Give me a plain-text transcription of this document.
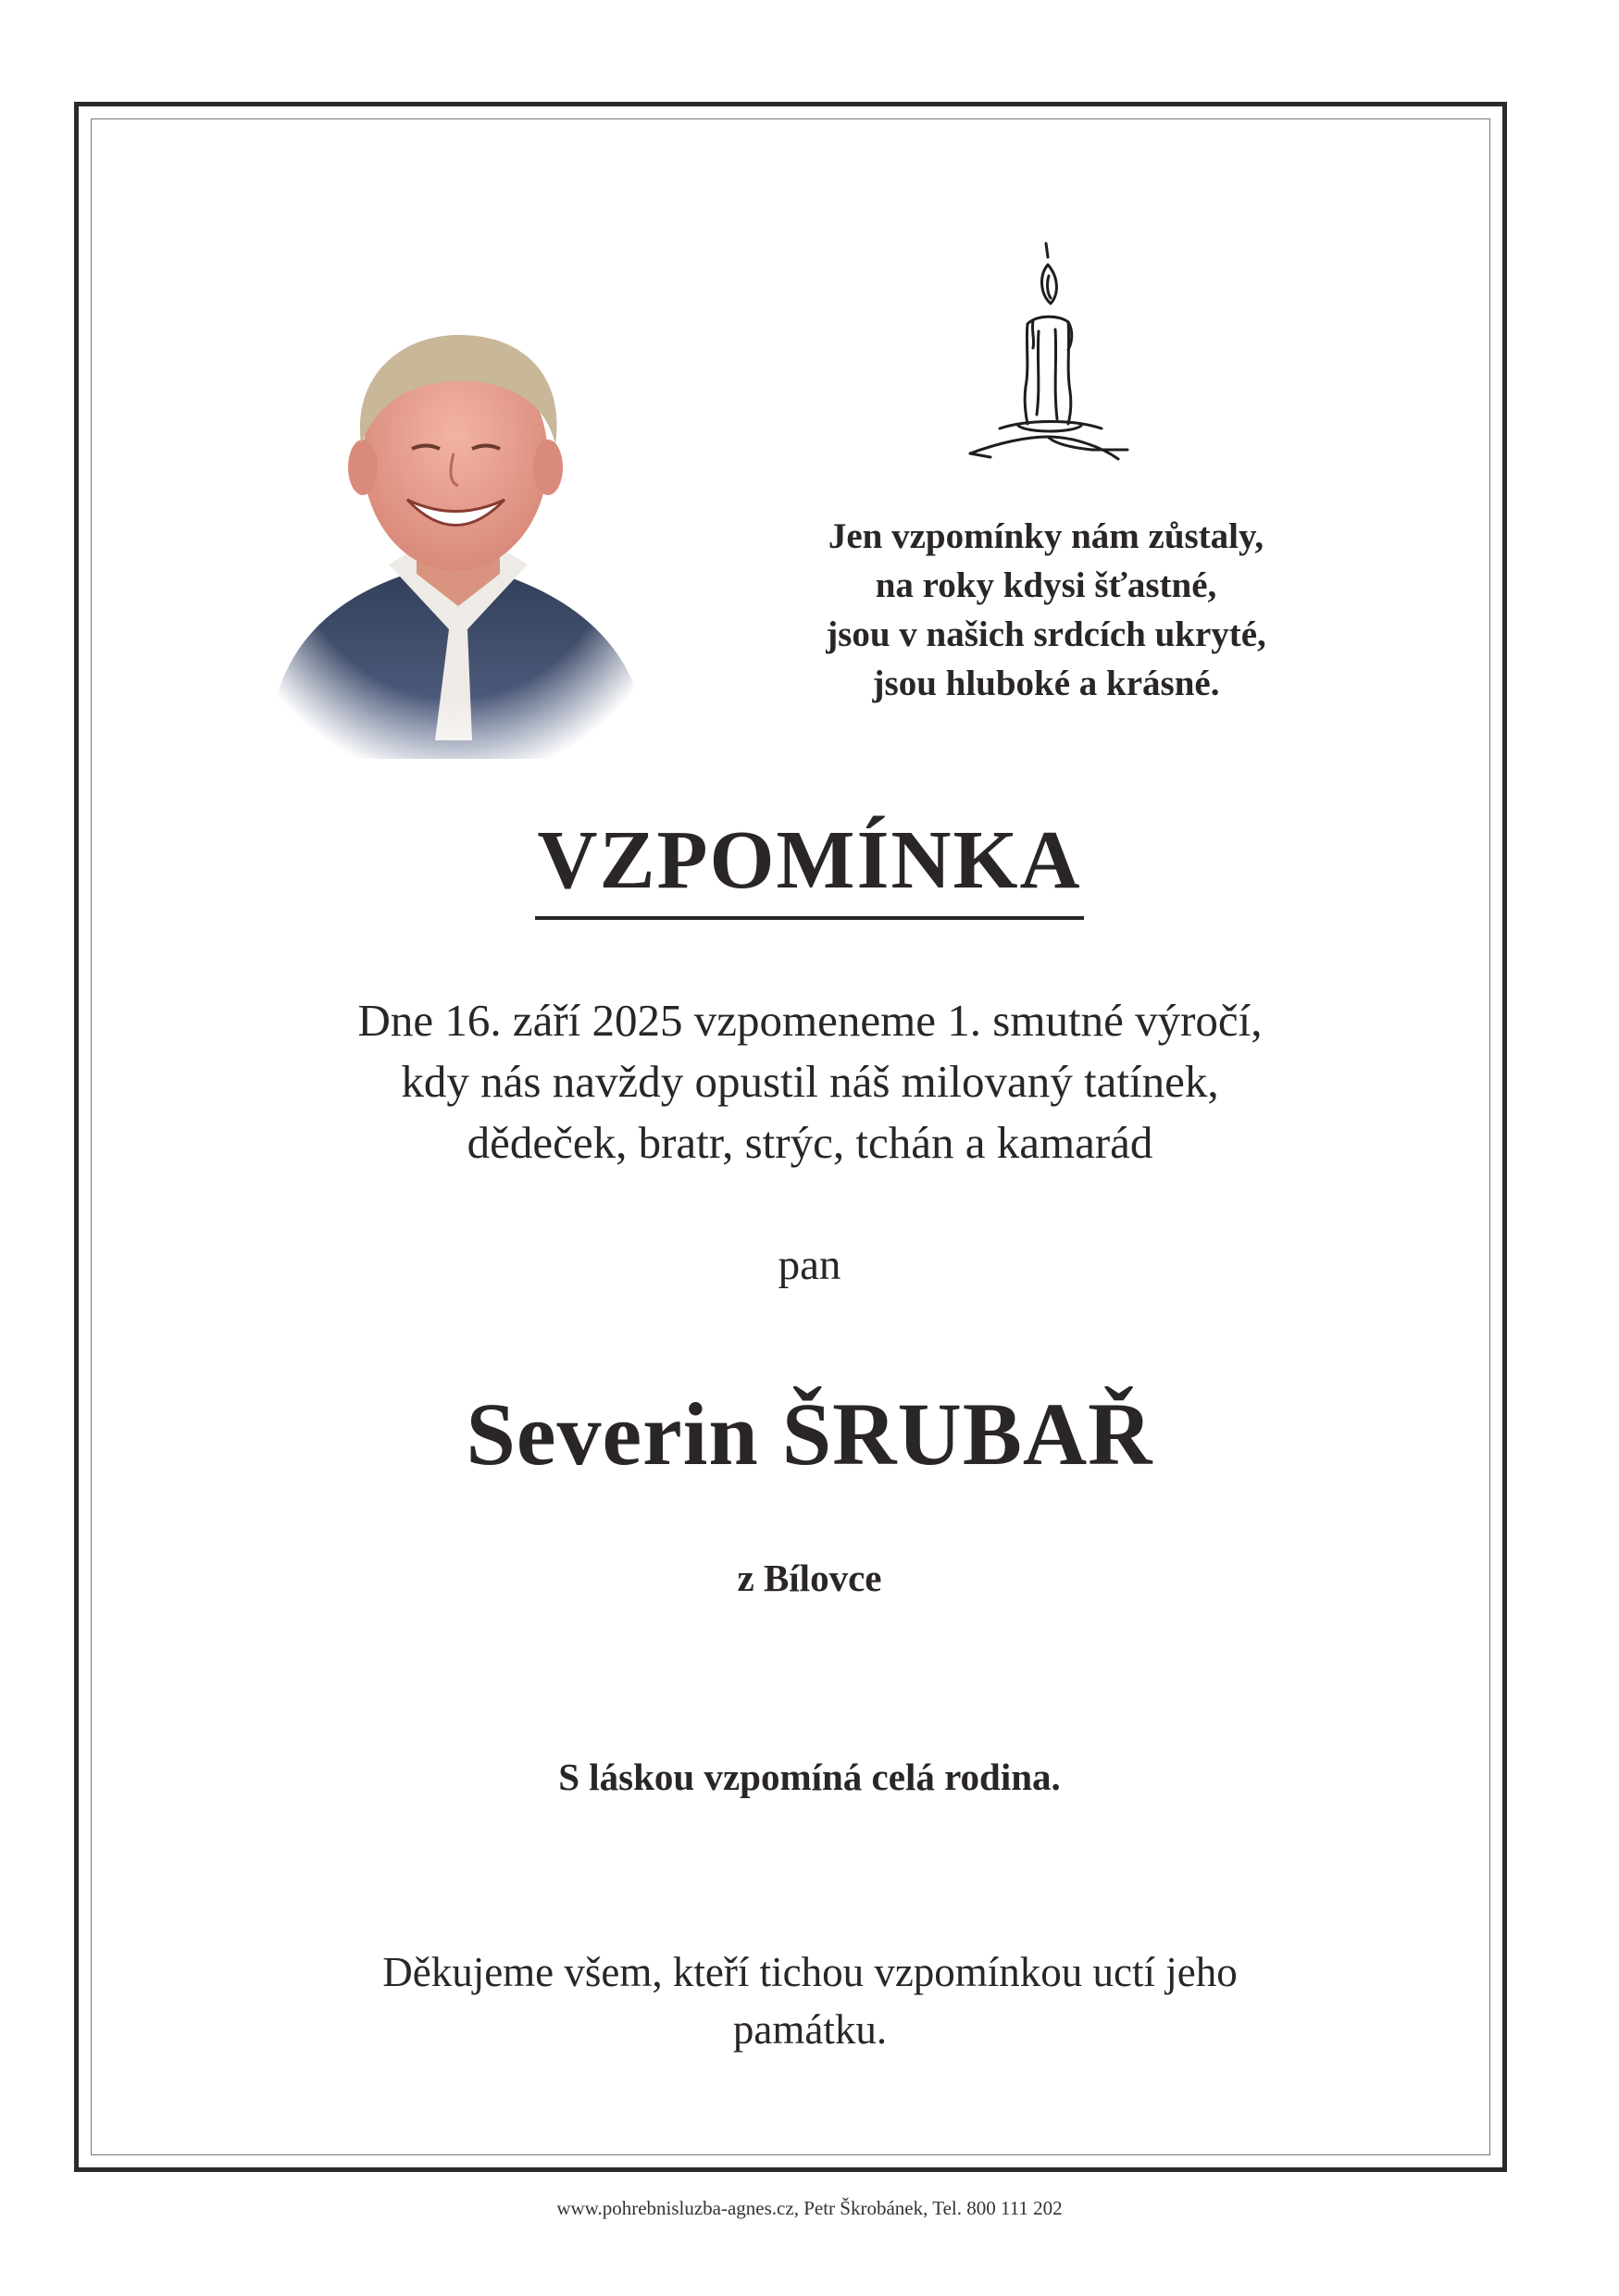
Jen vzpomínky nám zůstaly,
na roky kdysi šťastné,
jsou v našich srdcích ukryté,
jsou hluboké a krásné.
VZPOMÍNKA
Dne 16. září 2025 vzpomeneme 1. smutné výročí,
kdy nás navždy opustil náš milovaný tatínek,
dědeček, bratr, strýc, tchán a kamarád
pan
Severin ŠRUBAŘ
z Bílovce
S láskou vzpomíná celá rodina.
Děkujeme všem, kteří tichou vzpomínkou uctí jeho
památku.
www.pohrebnisluzba-agnes.cz, Petr Škrobánek, Tel. 800 111 202
